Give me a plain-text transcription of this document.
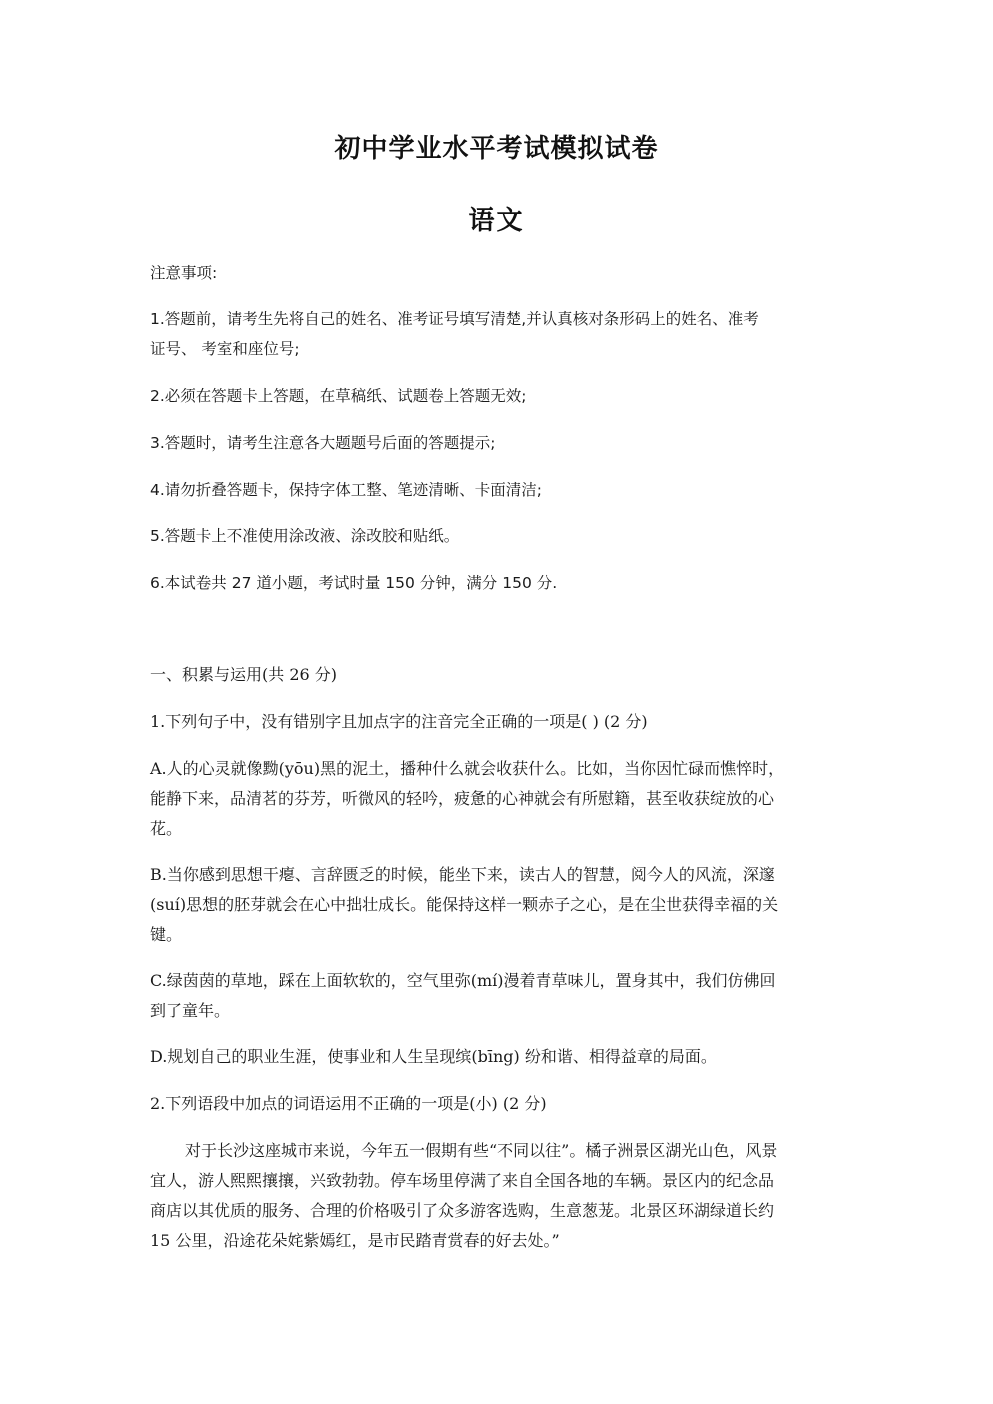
初中学业水平考试模拟试卷
语文
注意事项:
1.答题前，请考生先将自己的姓名、准考证号填写清楚,并认真核对条形码上的姓名、准考
证号、 考室和座位号;
2.必须在答题卡上答题，在草稿纸、试题卷上答题无效;
3.答题时，请考生注意各大题题号后面的答题提示;
4.请勿折叠答题卡，保持字体工整、笔迹清晰、卡面清洁;
5.答题卡上不准使用涂改液、涂改胶和贴纸。
6.本试卷共 27 道小题，考试时量 150 分钟，满分 150 分.
一、积累与运用(共 26 分)
1.下列句子中，没有错别字且加点字的注音完全正确的一项是( ) (2 分)
A.人的心灵就像黝(yōu)黑的泥土，播种什么就会收获什么。比如，当你因忙碌而憔悴时，
能静下来，品清茗的芬芳，听微风的轻吟，疲惫的心神就会有所慰籍，甚至收获绽放的心
花。
B.当你感到思想干瘪、言辞匮乏的时候，能坐下来，读古人的智慧，阅今人的风流，深邃
(suí)思想的胚芽就会在心中拙壮成长。能保持这样一颗赤子之心，是在尘世获得幸福的关
键。
C.绿茵茵的草地，踩在上面软软的，空气里弥(mí)漫着青草味儿，置身其中，我们仿佛回
到了童年。
D.规划自己的职业生涯，使事业和人生呈现缤(bīng) 纷和谐、相得益章的局面。
2.下列语段中加点的词语运用不正确的一项是(小) (2 分)
对于长沙这座城市来说，今年五一假期有些“不同以往”。橘子洲景区湖光山色，风景
宜人，游人熙熙攘攘，兴致勃勃。停车场里停满了来自全国各地的车辆。景区内的纪念品
商店以其优质的服务、合理的价格吸引了众多游客选购，生意葱茏。北景区环湖绿道长约
15 公里，沿途花朵姹紫嫣红，是市民踏青赏春的好去处。”
